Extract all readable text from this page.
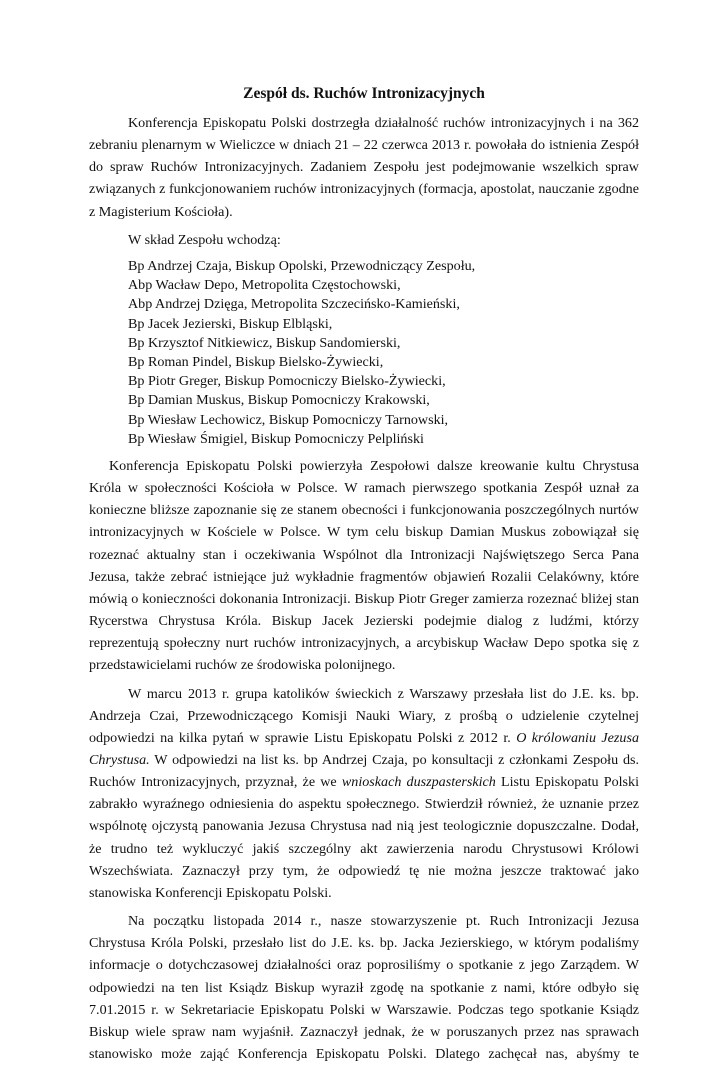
Zespół ds. Ruchów Intronizacyjnych

Konferencja Episkopatu Polski dostrzegła działalność ruchów intronizacyjnych i na 362 zebraniu plenarnym w Wieliczce w dniach 21 – 22 czerwca 2013 r. powołała do istnienia Zespół do spraw Ruchów Intronizacyjnych. Zadaniem Zespołu jest podejmowanie wszelkich spraw związanych z funkcjonowaniem ruchów intronizacyjnych (formacja, apostolat, nauczanie zgodne z Magisterium Kościoła).

W skład Zespołu wchodzą:

Bp Andrzej Czaja, Biskup Opolski, Przewodniczący Zespołu,
Abp Wacław Depo, Metropolita Częstochowski,
Abp Andrzej Dzięga, Metropolita Szczecińsko-Kamieński,
Bp Jacek Jezierski, Biskup Elbląski,
Bp Krzysztof Nitkiewicz, Biskup Sandomierski,
Bp Roman Pindel, Biskup Bielsko-Żywiecki,
Bp Piotr Greger, Biskup Pomocniczy Bielsko-Żywiecki,
Bp Damian Muskus, Biskup Pomocniczy Krakowski,
Bp Wiesław Lechowicz, Biskup Pomocniczy Tarnowski,
Bp Wiesław Śmigiel, Biskup Pomocniczy Pelpliński

Konferencja Episkopatu Polski powierzyła Zespołowi dalsze kreowanie kultu Chrystusa Króla w społeczności Kościoła w Polsce. W ramach pierwszego spotkania Zespół uznał za konieczne bliższe zapoznanie się ze stanem obecności i funkcjonowania poszczególnych nurtów intronizacyjnych w Kościele w Polsce. W tym celu biskup Damian Muskus zobowiązał się rozeznać aktualny stan i oczekiwania Wspólnot dla Intronizacji Najświętszego Serca Pana Jezusa, także zebrać istniejące już wykładnie fragmentów objawień Rozalii Celakówny, które mówią o konieczności dokonania Intronizacji. Biskup Piotr Greger zamierza rozeznać bliżej stan Rycerstwa Chrystusa Króla. Biskup Jacek Jezierski podejmie dialog z ludźmi, którzy reprezentują społeczny nurt ruchów intronizacyjnych, a arcybiskup Wacław Depo spotka się z przedstawicielami ruchów ze środowiska polonijnego.

W marcu 2013 r. grupa katolików świeckich z Warszawy przesłała list do J.E. ks. bp. Andrzeja Czai, Przewodniczącego Komisji Nauki Wiary, z prośbą o udzielenie czytelnej odpowiedzi na kilka pytań w sprawie Listu Episkopatu Polski z 2012 r. O królowaniu Jezusa Chrystusa. W odpowiedzi na list ks. bp Andrzej Czaja, po konsultacji z członkami Zespołu ds. Ruchów Intronizacyjnych, przyznał, że we wnioskach duszpasterskich Listu Episkopatu Polski zabrakło wyraźnego odniesienia do aspektu społecznego. Stwierdził również, że uznanie przez wspólnotę ojczystą panowania Jezusa Chrystusa nad nią jest teologicznie dopuszczalne. Dodał, że trudno też wykluczyć jakiś szczególny akt zawierzenia narodu Chrystusowi Królowi Wszechświata. Zaznaczył przy tym, że odpowiedź tę nie można jeszcze traktować jako stanowiska Konferencji Episkopatu Polski.

Na początku listopada 2014 r., nasze stowarzyszenie pt. Ruch Intronizacji Jezusa Chrystusa Króla Polski, przesłało list do J.E. ks. bp. Jacka Jezierskiego, w którym podaliśmy informacje o dotychczasowej działalności oraz poprosiliśmy o spotkanie z jego Zarządem. W odpowiedzi na ten list Ksiądz Biskup wyraził zgodę na spotkanie z nami, które odbyło się 7.01.2015 r. w Sekretariacie Episkopatu Polski w Warszawie. Podczas tego spotkanie Ksiądz Biskup wiele spraw nam wyjaśnił. Zaznaczył jednak, że w poruszanych przez nas sprawach stanowisko może zająć Konferencja Episkopatu Polski. Dlatego zachęcał nas, abyśmy te
